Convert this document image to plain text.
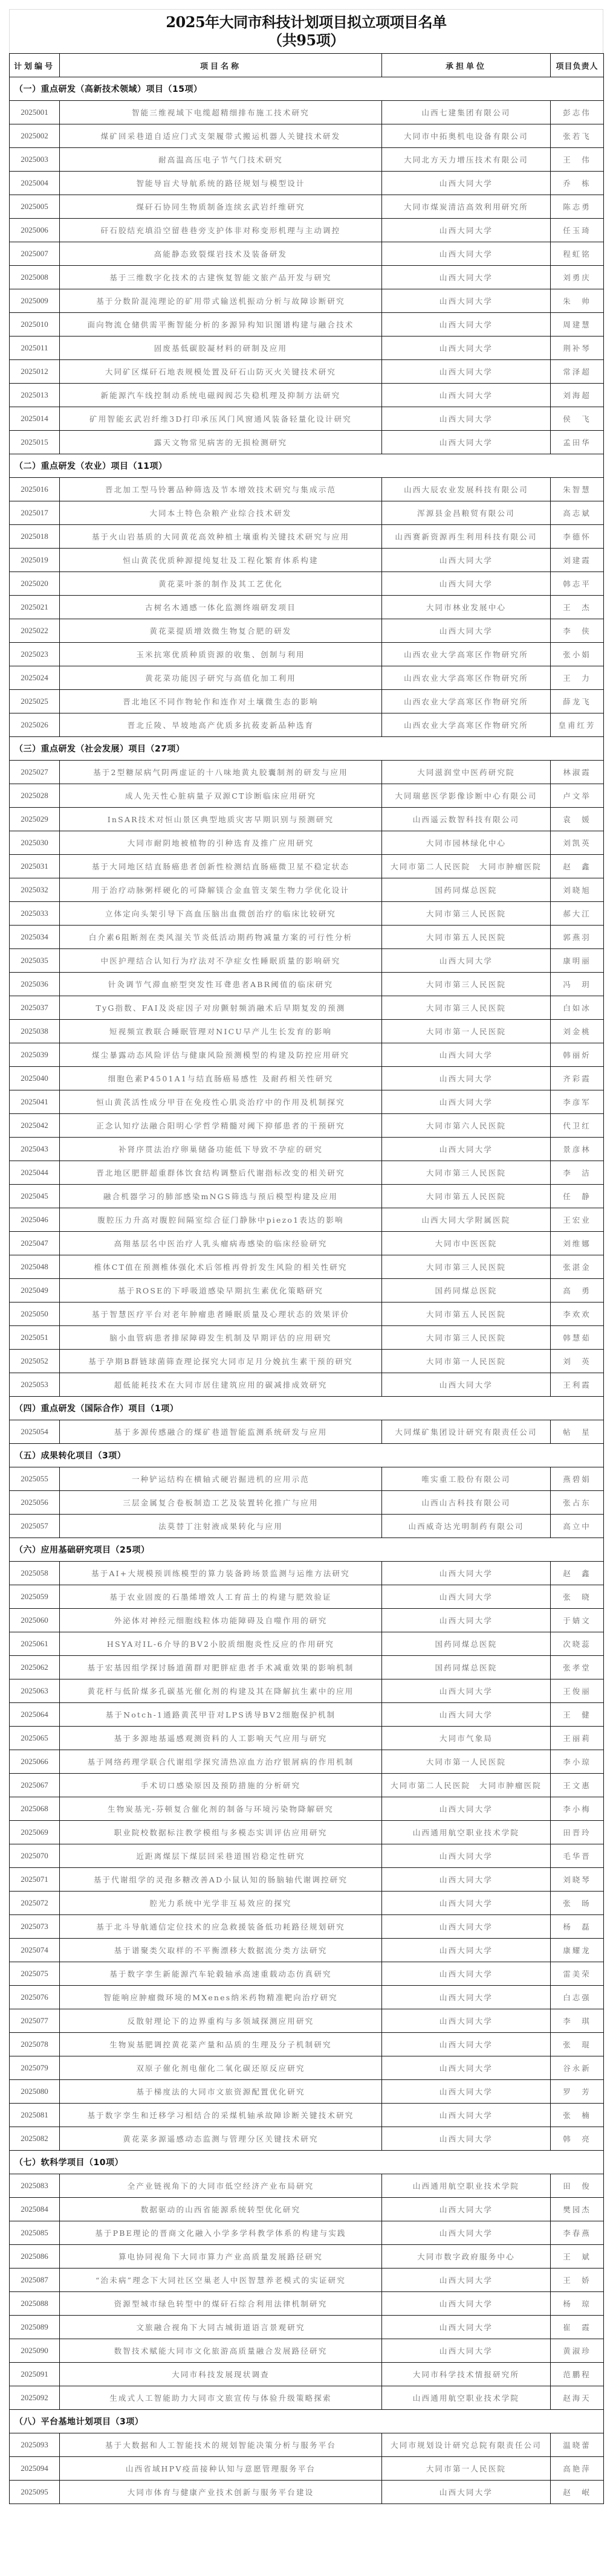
2025年大同市科技计划项目拟立项项目名单
（共95项）
计划编号	项目名称	承担单位	项目负责人
（一）重点研发（高新技术领域）项目（15项）			
2025001	智能三维视域下电缆超精细排布施工技术研究	山西七建集团有限公司	彭志伟
2025002	煤矿回采巷道自适应门式支架履带式搬运机器人关键技术研发	大同市中拓奥机电设备有限公司	张若飞
2025003	耐高温高压电子节气门技术研究	大同北方天力增压技术有限公司	王　伟
2025004	智能导盲犬导航系统的路径规划与模型设计	山西大同大学	乔　栋
2025005	煤矸石协同生物质制备连续玄武岩纤维研究	大同市煤炭清洁高效利用研究所	陈志勇
2025006	矸石胶结充填沿空留巷巷旁支护体非对称变形机理与主动调控	山西大同大学	任玉琦
2025007	高能静态致裂煤岩技术及装备研发	山西大同大学	程虹铭
2025008	基于三维数字化技术的古建恢复智能文旅产品开发与研究	山西大同大学	刘勇庆
2025009	基于分数阶混沌理论的矿用带式输送机振动分析与故障诊断研究	山西大同大学	朱　帅
2025010	面向物流仓储供需平衡智能分析的多源异构知识图谱构建与融合技术	山西大同大学	周建慧
2025011	固废基低碳胶凝材料的研制及应用	山西大同大学	荆补琴
2025012	大同矿区煤矸石地表规模处置及矸石山防灭火关键技术研究	山西大同大学	常泽超
2025013	新能源汽车线控制动系统电磁阀阀芯失稳机理及抑制方法研究	山西大同大学	刘海超
2025014	矿用智能玄武岩纤维3D打印承压风门风窗通风装备轻量化设计研究	山西大同大学	侯　飞
2025015	露天文物常见病害的无损检测研究	山西大同大学	孟田华
（二）重点研发（农业）项目（11项）			
2025016	晋北加工型马铃薯品种筛选及节本增效技术研究与集成示范	山西大辰农业发展科技有限公司	朱智慧
2025017	大同本土特色杂粮产业综合技术研发	浑源县金昌粮贸有限公司	高志斌
2025018	基于火山岩基质的大同黄花高效种植土壤重构关键技术研究与应用	山西赛新资源再生利用科技有限公司	李德怀
2025019	恒山黄芪优质种源提纯复壮及工程化繁育体系构建	山西大同大学	刘建霞
2025020	黄花菜叶茶的制作及其工艺优化	山西大同大学	韩志平
2025021	古树名木通感一体化监测终端研发项目	大同市林业发展中心	王　杰
2025022	黄花菜提质增效微生物复合肥的研发	山西大同大学	李　侠
2025023	玉米抗寒优质种质资源的收集、创制与利用	山西农业大学高寒区作物研究所	张小娟
2025024	黄花菜功能因子研究与高值化加工利用	山西农业大学高寒区作物研究所	王　力
2025025	晋北地区不同作物轮作和连作对土壤微生态的影响	山西农业大学高寒区作物研究所	薛龙飞
2025026	晋北丘陵、旱坡地高产优质多抗莜麦新品种选育	山西农业大学高寒区作物研究所	皇甫红芳
（三）重点研发（社会发展）项目（27项）			
2025027	基于2型糖尿病气阴两虚证的十八味地黄丸胶囊制剂的研发与应用	大同滋润堂中医药研究院	林淑霞
2025028	成人先天性心脏病量子双源CT诊断临床应用研究	大同瑞慈医学影像诊断中心有限公司	卢文举
2025029	InSAR技术对恒山景区典型地质灾害早期识别与预测研究	山西遥云数智科技有限公司	袁　媛
2025030	大同市耐阴地被植物的引种选育及推广应用研究	大同市园林绿化中心	刘凯英
2025031	基于大同地区结直肠癌患者创新性检测结直肠癌微卫星不稳定状态	大同市第二人民医院　大同市肿瘤医院	赵　鑫
2025032	用于治疗动脉粥样硬化的可降解镁合金血管支架生物力学优化设计	国药同煤总医院	刘晓旭
2025033	立体定向头架引导下高血压脑出血微创治疗的临床比较研究	大同市第三人民医院	郝大江
2025034	白介素6阻断剂在类风湿关节炎低活动期药物减量方案的可行性分析	大同市第五人民医院	郭燕羽
2025035	中医护理结合认知行为疗法对不孕症女性睡眠质量的影响研究	山西大同大学	康明丽
2025036	针灸调节气滞血瘀型突发性耳聋患者ABR阈值的临床研究	大同市第三人民医院	冯　玥
2025037	TyG指数、FAI及炎症因子对房颤射频消融术后早期复发的预测	大同市第三人民医院	白如冰
2025038	短视频宣教联合睡眠管理对NICU早产儿生长发育的影响	大同市第一人民医院	刘金桃
2025039	煤尘暴露动态风险评估与健康风险预测模型的构建及防控应用研究	山西大同大学	韩丽炘
2025040	细胞色素P4501A1与结直肠癌易感性 及耐药相关性研究	山西大同大学	齐彩霞
2025041	恒山黄芪活性成分甲苷在免疫性心肌炎治疗中的作用及机制探究	山西大同大学	李彦军
2025042	正念认知疗法融合阳明心学哲学精髓对阈下抑郁患者的干预研究	大同市第六人民医院	代卫红
2025043	补肾序贯法治疗卵巢储备功能低下导致不孕症的研究	山西大同大学	景彦林
2025044	晋北地区肥胖超重群体饮食结构调整后代谢指标改变的相关研究	大同市第三人民医院	李　洁
2025045	融合机器学习的肺部感染mNGS筛选与预后模型构建及应用	大同市第五人民医院	任　静
2025046	腹腔压力升高对腹腔间隔室综合征门静脉中piezo1表达的影响	山西大同大学附属医院	王宏业
2025047	高翔基层名中医治疗人乳头瘤病毒感染的临床经验研究	大同市中医医院	刘维娜
2025048	椎体CT值在预测椎体强化术后邻椎再骨折发生风险的相关性研究	大同市第三人民医院	张湛金
2025049	基于ROSE的下呼吸道感染早期抗生素优化策略研究	国药同煤总医院	高　勇
2025050	基于智慧医疗平台对老年肿瘤患者睡眠质量及心理状态的效果评价	大同市第五人民医院	李欢欢
2025051	脑小血管病患者排尿障碍发生机制及早期评估的应用研究	大同市第三人民医院	韩慧茹
2025052	基于孕期B群链球菌筛查理论探究大同市足月分娩抗生素干预的研究	大同市第一人民医院	刘　英
2025053	超低能耗技术在大同市居住建筑应用的碳减排成效研究	山西大同大学	王利霞
（四）重点研发（国际合作）项目（1项）			
2025054	基于多源传感融合的煤矿巷道智能监测系统研发与应用	大同煤矿集团设计研究有限责任公司	帖　星
（五）成果转化项目（3项）			
2025055	一种铲运结构在横轴式硬岩掘进机的应用示范	唯实重工股份有限公司	燕碧娟
2025056	三层金属复合卷板制造工艺及装置转化推广与应用	山西山古科技有限公司	张占东
2025057	法莫替丁注射液成果转化与应用	山西威奇达光明制药有限公司	高立中
（六）应用基础研究项目（25项）			
2025058	基于AI+大规模预训练模型的算力装备跨场景监测与运维方法研究	山西大同大学	赵　鑫
2025059	基于农业固废的石墨烯增效人工育苗土的构建与肥效验证	山西大同大学	张　晓
2025060	外泌体对神经元细胞线粒体功能障碍及自噬作用的研究	山西大同大学	于婧文
2025061	HSYA对IL-6介导的BV2小胶质细胞炎性反应的作用研究	国药同煤总医院	次晓蕊
2025062	基于宏基因组学探讨肠道菌群对肥胖症患者手术减重效果的影响机制	国药同煤总医院	张孝堂
2025063	黄花杆与低阶煤多孔碳基光催化剂的构建及其在降解抗生素中的应用	山西大同大学	王俊丽
2025064	基于Notch-1通路黄芪甲苷对LPS诱导BV2细胞保护机制	山西大同大学	王　健
2025065	基于多源地基遥感观测资料的人工影响天气应用与研究	大同市气象局	王丽莉
2025066	基于网络药理学联合代谢组学探究清热凉血方治疗银屑病的作用机制	大同市第一人民医院	李小琼
2025067	手术切口感染原因及预防措施的分析研究	大同市第二人民医院　大同市肿瘤医院	王文惠
2025068	生物炭基光-芬顿复合催化剂的制备与环境污染物降解研究	山西大同大学	李小梅
2025069	职业院校数据标注教学模组与多模态实训评估应用研究	山西通用航空职业技术学院	田晋玲
2025070	近距离煤层下煤层回采巷道围岩稳定性研究	山西大同大学	毛华晋
2025071	基于代谢组学的灵孢多糖改善AD小鼠认知的肠脑轴代谢调控研究	山西大同大学	刘晓琴
2025072	腔光力系统中光学非互易效应的探究	山西大同大学	张　旸
2025073	基于北斗导航通信定位技术的应急救援装备低功耗路径规划研究	山西大同大学	杨　磊
2025074	基于谱聚类欠取样的不平衡漂移大数据流分类方法研究	山西大同大学	康耀龙
2025075	基于数字孪生新能源汽车轮毂轴承高速重载动态仿真研究	山西大同大学	雷美荣
2025076	智能响应肿瘤微环境的MXenes纳米药物精准靶向治疗研究	山西大同大学	白志强
2025077	反散射理论下的边界重构与多领域探测应用研究	山西大同大学	李　琪
2025078	生物炭基肥调控黄花菜产量和品质的生理及分子机制研究	山西大同大学	张　琨
2025079	双原子催化剂电催化二氧化碳还原反应研究	山西大同大学	谷永新
2025080	基于梯度法的大同市文旅资源配置优化研究	山西大同大学	罗　芳
2025081	基于数字孪生和迁移学习相结合的采煤机轴承故障诊断关键技术研究	山西大同大学	张　楠
2025082	黄花菜多源遥感动态监测与管理分区关键技术研究	山西大同大学	韩　亮
（七）软科学项目（10项）			
2025083	全产业链视角下的大同市低空经济产业布局研究	山西通用航空职业技术学院	田　俊
2025084	数据驱动的山西省能源系统转型优化研究	山西大同大学	樊园杰
2025085	基于PBE理论的晋商文化融入小学多学科教学体系的构建与实践	山西大同大学	李春燕
2025086	算电协同视角下大同市算力产业高质量发展路径研究	大同市数字政府服务中心	王　斌
2025087	“治未病”理念下大同社区空巢老人中医智慧养老模式的实证研究	山西大同大学	王　娇
2025088	资源型城市绿色转型中的煤矸石综合利用法律机制研究	山西大同大学	杨　琼
2025089	文旅融合视角下大同古城街道语言景观研究	山西大同大学	崔　霞
2025090	数智技术赋能大同市文化旅游高质量融合发展路径研究	山西大同大学	黄淑珍
2025091	大同市科技发展现状调查	大同市科学技术情报研究所	范鹏程
2025092	生成式人工智能助力大同市文旅宣传与体验升级策略探索	山西通用航空职业技术学院	赵海天
（八）平台基地计划项目（3项）			
2025093	基于大数据和人工智能技术的规划智能决策分析与服务平台	大同市规划设计研究总院有限责任公司	温晓蕾
2025094	山西省域HPV疫苗接种认知与意愿管理服务平台	大同市第一人民医院	高艳萍
2025095	大同市体育与健康产业技术创新与服务平台建设	山西大同大学	赵　岷
